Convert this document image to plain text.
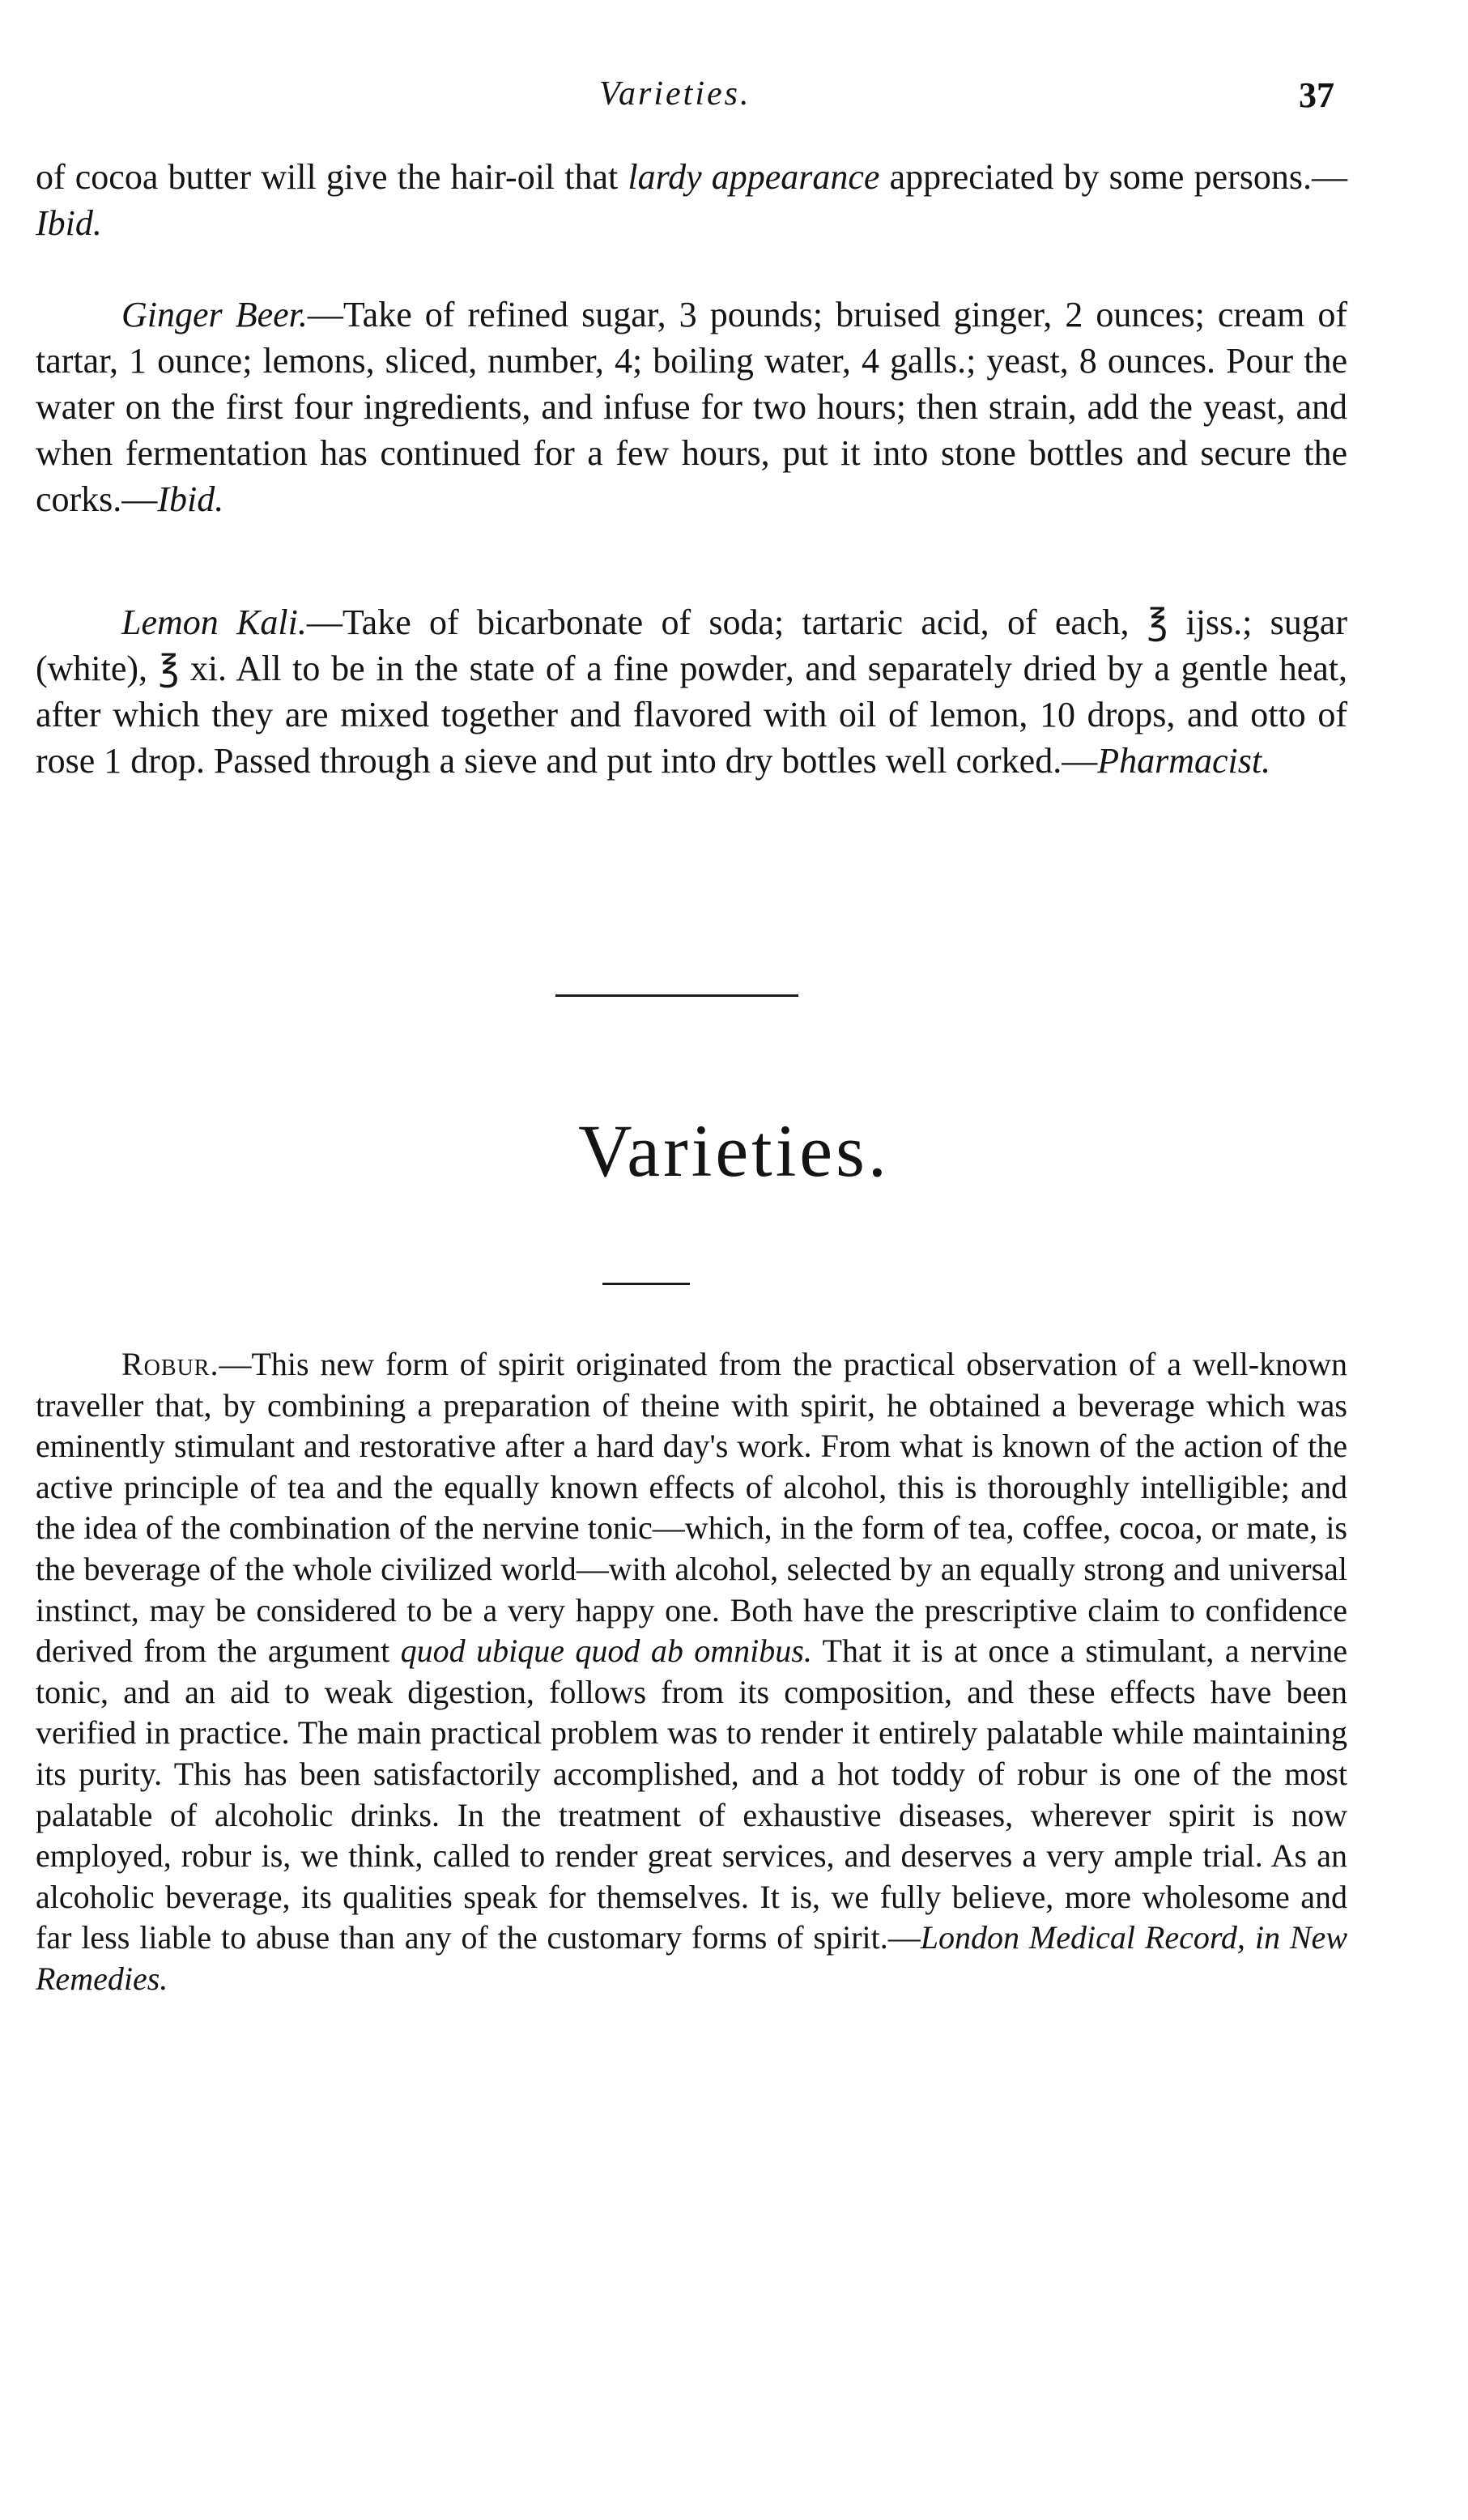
Varieties.	37

of cocoa butter will give the hair-oil that lardy appearance appreciated by some persons.—Ibid.

Ginger Beer.—Take of refined sugar, 3 pounds; bruised ginger, 2 ounces; cream of tartar, 1 ounce; lemons, sliced, number, 4; boiling water, 4 galls.; yeast, 8 ounces. Pour the water on the first four ingredients, and infuse for two hours; then strain, add the yeast, and when fermentation has continued for a few hours, put it into stone bottles and secure the corks.—Ibid.

Lemon Kali.—Take of bicarbonate of soda; tartaric acid, of each, ℥ ijss.; sugar (white), ℥ xi. All to be in the state of a fine powder, and separately dried by a gentle heat, after which they are mixed together and flavored with oil of lemon, 10 drops, and otto of rose 1 drop. Passed through a sieve and put into dry bottles well corked.—Pharmacist.

Varieties.

Robur.—This new form of spirit originated from the practical observation of a well-known traveller that, by combining a preparation of theine with spirit, he obtained a beverage which was eminently stimulant and restorative after a hard day's work. From what is known of the action of the active principle of tea and the equally known effects of alcohol, this is thoroughly intelligible; and the idea of the combination of the nervine tonic—which, in the form of tea, coffee, cocoa, or mate, is the beverage of the whole civilized world—with alcohol, selected by an equally strong and universal instinct, may be considered to be a very happy one. Both have the prescriptive claim to confidence derived from the argument quod ubique quod ab omnibus. That it is at once a stimulant, a nervine tonic, and an aid to weak digestion, follows from its composition, and these effects have been verified in practice. The main practical problem was to render it entirely palatable while maintaining its purity. This has been satisfactorily accomplished, and a hot toddy of robur is one of the most palatable of alcoholic drinks. In the treatment of exhaustive diseases, wherever spirit is now employed, robur is, we think, called to render great services, and deserves a very ample trial. As an alcoholic beverage, its qualities speak for themselves. It is, we fully believe, more wholesome and far less liable to abuse than any of the customary forms of spirit.—London Medical Record, in New Remedies.
